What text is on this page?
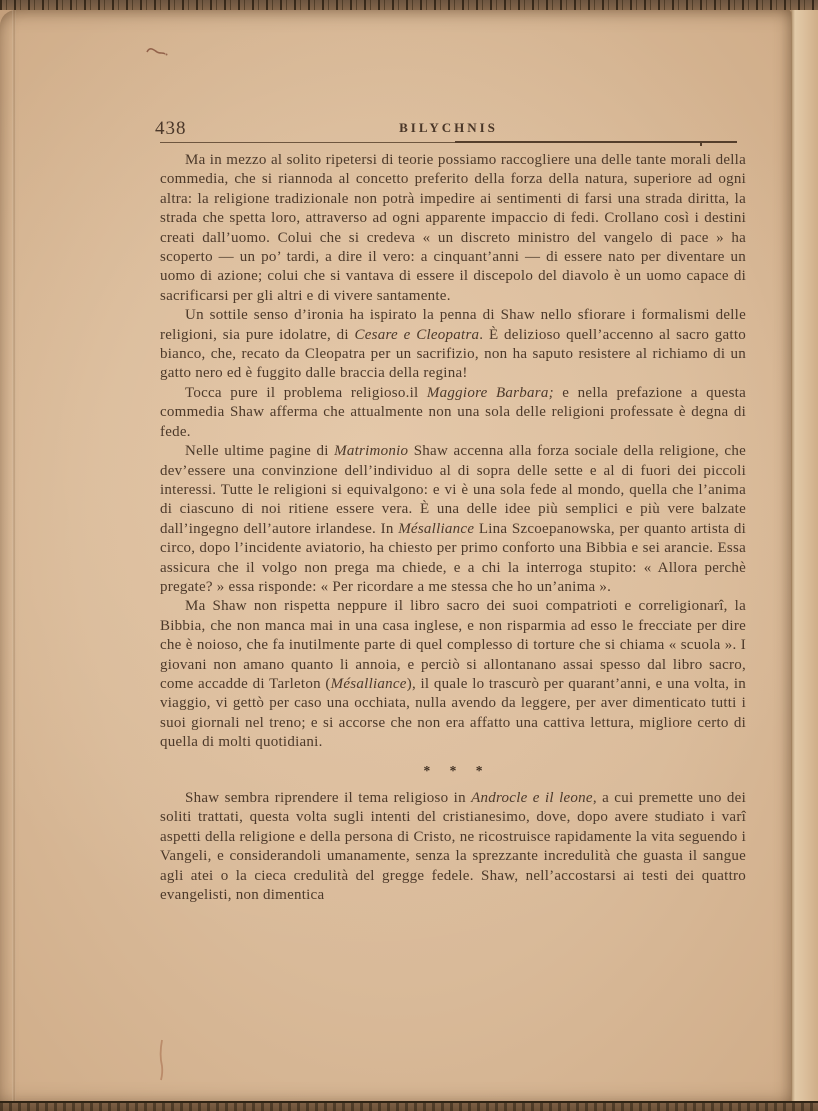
438	BILYCHNIS

Ma in mezzo al solito ripetersi di teorie possiamo raccogliere una delle tante morali della commedia, che si riannoda al concetto preferito della forza della natura, superiore ad ogni altra: la religione tradizionale non potrà impedire ai sentimenti di farsi una strada diritta, la strada che spetta loro, attraverso ad ogni apparente impaccio di fedi. Crollano così i destini creati dall’uomo. Colui che si credeva « un discreto ministro del vangelo di pace » ha scoperto — un po’ tardi, a dire il vero: a cinquant’anni — di essere nato per diventare un uomo di azione; colui che si vantava di essere il discepolo del diavolo è un uomo capace di sacrificarsi per gli altri e di vivere santamente.

Un sottile senso d’ironia ha ispirato la penna di Shaw nello sfiorare i formalismi delle religioni, sia pure idolatre, di Cesare e Cleopatra. È delizioso quell’accenno al sacro gatto bianco, che, recato da Cleopatra per un sacrifizio, non ha saputo resistere al richiamo di un gatto nero ed è fuggito dalle braccia della regina!

Tocca pure il problema religioso.il Maggiore Barbara; e nella prefazione a questa commedia Shaw afferma che attualmente non una sola delle religioni professate è degna di fede.

Nelle ultime pagine di Matrimonio Shaw accenna alla forza sociale della religione, che dev’essere una convinzione dell’individuo al di sopra delle sette e al di fuori dei piccoli interessi. Tutte le religioni si equivalgono: e vi è una sola fede al mondo, quella che l’anima di ciascuno di noi ritiene essere vera. È una delle idee più semplici e più vere balzate dall’ingegno dell’autore irlandese. In Mésalliance Lina Szcoepanowska, per quanto artista di circo, dopo l’incidente aviatorio, ha chiesto per primo conforto una Bibbia e sei arancie. Essa assicura che il volgo non prega ma chiede, e a chi la interroga stupito: « Allora perchè pregate? » essa risponde: « Per ricordare a me stessa che ho un’anima ».

Ma Shaw non rispetta neppure il libro sacro dei suoi compatrioti e correligionarî, la Bibbia, che non manca mai in una casa inglese, e non risparmia ad esso le frecciate per dire che è noioso, che fa inutilmente parte di quel complesso di torture che si chiama « scuola ». I giovani non amano quanto li annoia, e perciò si allontanano assai spesso dal libro sacro, come accadde di Tarleton (Mésalliance), il quale lo trascurò per quarant’anni, e una volta, in viaggio, vi gettò per caso una occhiata, nulla avendo da leggere, per aver dimenticato tutti i suoi giornali nel treno; e si accorse che non era affatto una cattiva lettura, migliore certo di quella di molti quotidiani.

* * *

Shaw sembra riprendere il tema religioso in Androcle e il leone, a cui premette uno dei soliti trattati, questa volta sugli intenti del cristianesimo, dove, dopo avere studiato i varî aspetti della religione e della persona di Cristo, ne ricostruisce rapidamente la vita seguendo i Vangeli, e considerandoli umanamente, senza la sprezzante incredulità che guasta il sangue agli atei o la cieca credulità del gregge fedele. Shaw, nell’accostarsi ai testi dei quattro evangelisti, non dimentica
